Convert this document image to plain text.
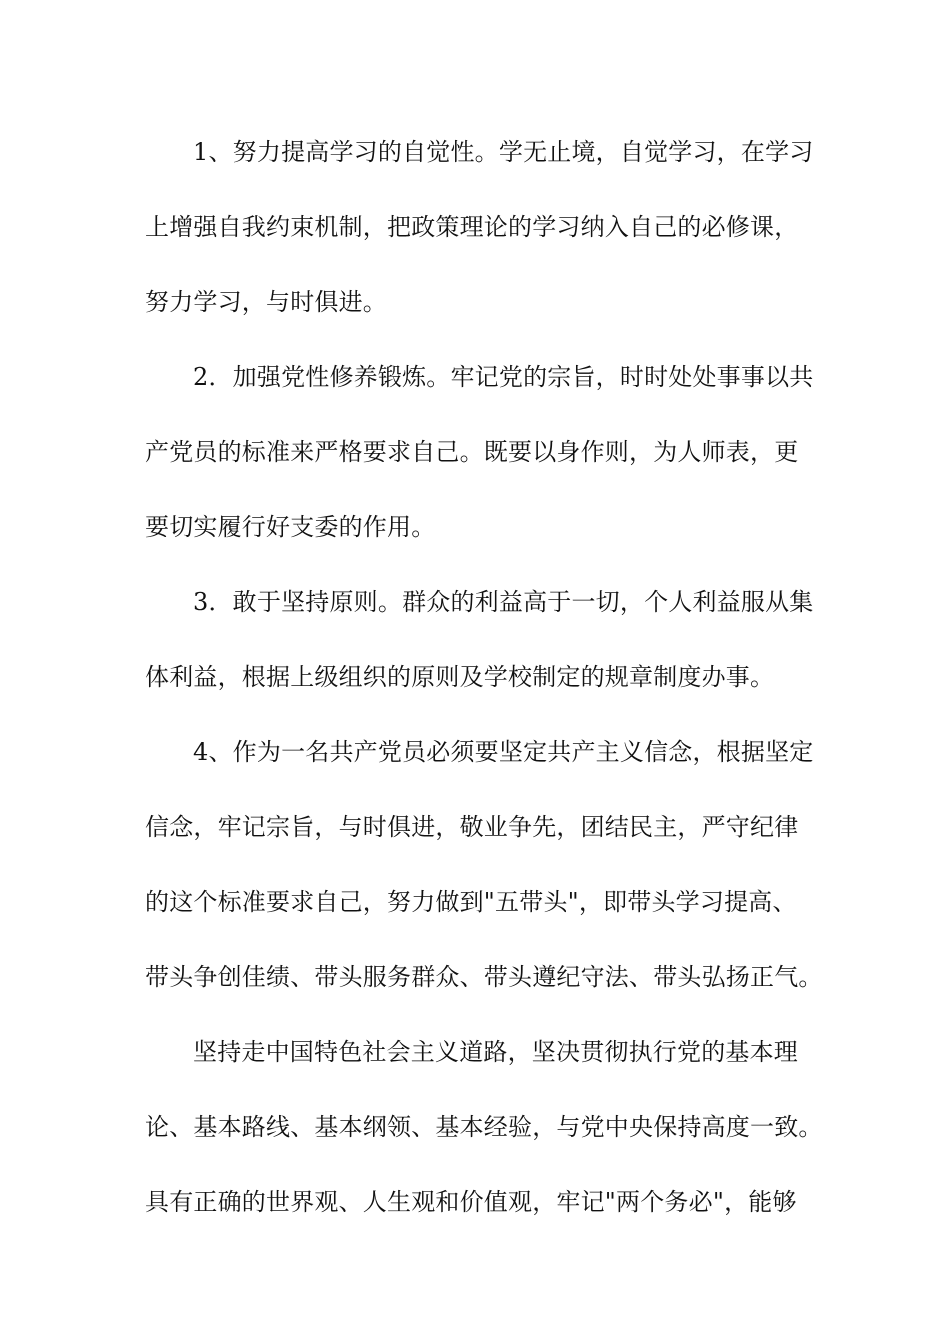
1、努力提高学习的自觉性。学无止境，自觉学习，在学习
上增强自我约束机制，把政策理论的学习纳入自己的必修课，
努力学习，与时俱进。
2．加强党性修养锻炼。牢记党的宗旨，时时处处事事以共
产党员的标准来严格要求自己。既要以身作则，为人师表，更
要切实履行好支委的作用。
3．敢于坚持原则。群众的利益高于一切，个人利益服从集
体利益，根据上级组织的原则及学校制定的规章制度办事。
4、作为一名共产党员必须要坚定共产主义信念，根据坚定
信念，牢记宗旨，与时俱进，敬业争先，团结民主，严守纪律
的这个标准要求自己，努力做到"五带头"，即带头学习提高、
带头争创佳绩、带头服务群众、带头遵纪守法、带头弘扬正气。
坚持走中国特色社会主义道路，坚决贯彻执行党的基本理
论、基本路线、基本纲领、基本经验，与党中央保持高度一致。
具有正确的世界观、人生观和价值观，牢记"两个务必"，能够
